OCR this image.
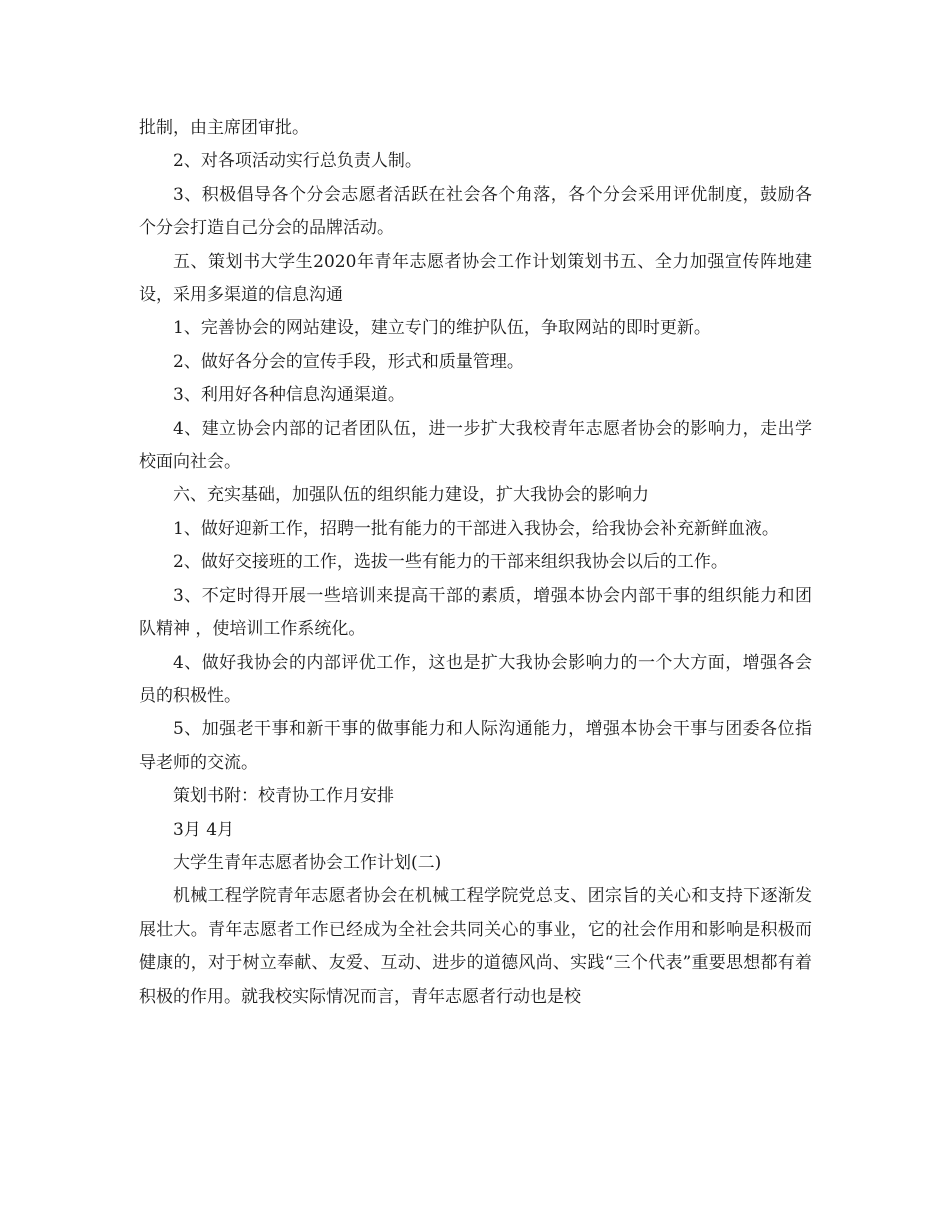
批制，由主席团审批。

2、对各项活动实行总负责人制。

3、积极倡导各个分会志愿者活跃在社会各个角落，各个分会采用评优制度，鼓励各个分会打造自己分会的品牌活动。

五、策划书大学生2020年青年志愿者协会工作计划策划书五、全力加强宣传阵地建设，采用多渠道的信息沟通

1、完善协会的网站建设，建立专门的维护队伍，争取网站的即时更新。

2、做好各分会的宣传手段，形式和质量管理。

3、利用好各种信息沟通渠道。

4、建立协会内部的记者团队伍，进一步扩大我校青年志愿者协会的影响力，走出学校面向社会。

六、充实基础，加强队伍的组织能力建设，扩大我协会的影响力

1、做好迎新工作，招聘一批有能力的干部进入我协会，给我协会补充新鲜血液。

2、做好交接班的工作，选拔一些有能力的干部来组织我协会以后的工作。

3、不定时得开展一些培训来提高干部的素质，增强本协会内部干事的组织能力和团队精神 ，使培训工作系统化。

4、做好我协会的内部评优工作，这也是扩大我协会影响力的一个大方面，增强各会员的积极性。

5、加强老干事和新干事的做事能力和人际沟通能力，增强本协会干事与团委各位指导老师的交流。

策划书附：校青协工作月安排

3月 4月

大学生青年志愿者协会工作计划(二)

机械工程学院青年志愿者协会在机械工程学院党总支、团宗旨的关心和支持下逐渐发展壮大。青年志愿者工作已经成为全社会共同关心的事业，它的社会作用和影响是积极而健康的，对于树立奉献、友爱、互动、进步的道德风尚、实践“三个代表”重要思想都有着积极的作用。就我校实际情况而言，青年志愿者行动也是校
